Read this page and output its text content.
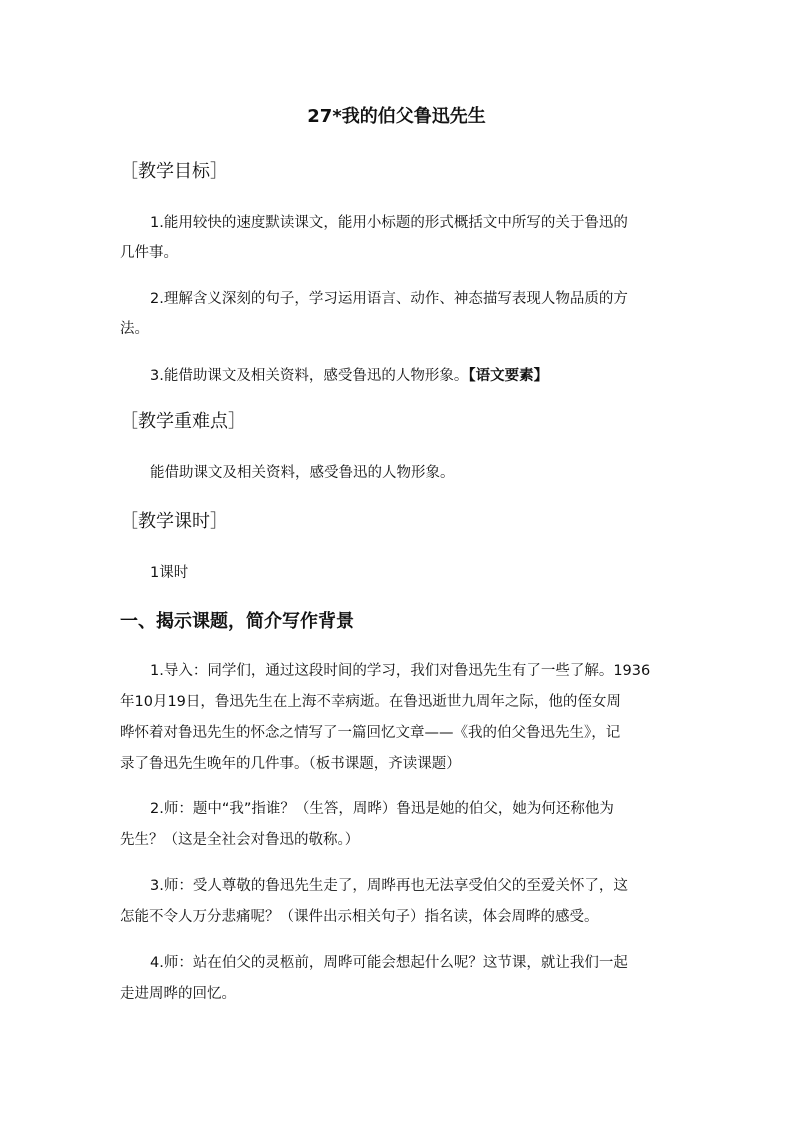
27*我的伯父鲁迅先生
［教学目标］
1.能用较快的速度默读课文，能用小标题的形式概括文中所写的关于鲁迅的
几件事。
2.理解含义深刻的句子，学习运用语言、动作、神态描写表现人物品质的方
法。
3.能借助课文及相关资料，感受鲁迅的人物形象。【语文要素】
［教学重难点］
能借助课文及相关资料，感受鲁迅的人物形象。
［教学课时］
1课时
一、揭示课题，简介写作背景
1.导入：同学们，通过这段时间的学习，我们对鲁迅先生有了一些了解。1936
年10月19日，鲁迅先生在上海不幸病逝。在鲁迅逝世九周年之际，他的侄女周
晔怀着对鲁迅先生的怀念之情写了一篇回忆文章——《我的伯父鲁迅先生》，记
录了鲁迅先生晚年的几件事。（板书课题，齐读课题）
2.师：题中“我”指谁？（生答，周晔）鲁迅是她的伯父，她为何还称他为
先生？（这是全社会对鲁迅的敬称。）
3.师：受人尊敬的鲁迅先生走了，周晔再也无法享受伯父的至爱关怀了，这
怎能不令人万分悲痛呢？（课件出示相关句子）指名读，体会周晔的感受。
4.师：站在伯父的灵柩前，周晔可能会想起什么呢？这节课，就让我们一起
走进周晔的回忆。
